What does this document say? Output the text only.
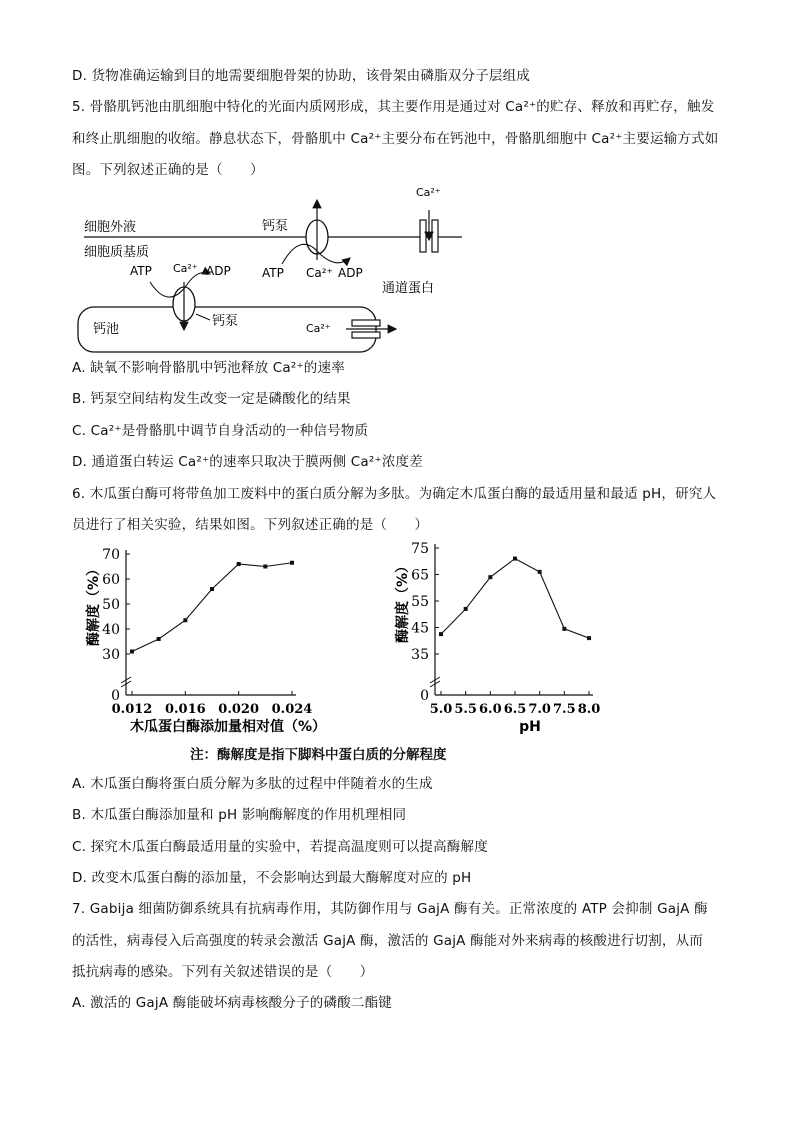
D. 货物准确运输到目的地需要细胞骨架的协助，该骨架由磷脂双分子层组成
5. 骨骼肌钙池由肌细胞中特化的光面内质网形成，其主要作用是通过对 Ca²⁺的贮存、释放和再贮存，触发
和终止肌细胞的收缩。静息状态下，骨骼肌中 Ca²⁺主要分布在钙池中，骨骼肌细胞中 Ca²⁺主要运输方式如
图。下列叙述正确的是（　　）
细胞外液
细胞质基质
钙泵
ATP Ca²⁺ ADP
Ca²⁺
通道蛋白
钙池
ATP Ca²⁺ ADP
钙泵	Ca²⁺
A. 缺氧不影响骨骼肌中钙池释放 Ca²⁺的速率
B. 钙泵空间结构发生改变一定是磷酸化的结果
C. Ca²⁺是骨骼肌中调节自身活动的一种信号物质
D. 通道蛋白转运 Ca²⁺的速率只取决于膜两侧 Ca²⁺浓度差
6. 木瓜蛋白酶可将带鱼加工废料中的蛋白质分解为多肽。为确定木瓜蛋白酶的最适用量和最适 pH，研究人
员进行了相关实验，结果如图。下列叙述正确的是（　　）
0
30
40
50
60
70
0.012 0.016 0.020 0.024
酶解度（%）
木瓜蛋白酶添加量相对值（%）
0
35
45
55
65
75
5.0 5.5 6.0 6.5 7.0 7.5 8.0
酶解度（%）
pH
注：酶解度是指下脚料中蛋白质的分解程度
A. 木瓜蛋白酶将蛋白质分解为多肽的过程中伴随着水的生成
B. 木瓜蛋白酶添加量和 pH 影响酶解度的作用机理相同
C. 探究木瓜蛋白酶最适用量的实验中，若提高温度则可以提高酶解度
D. 改变木瓜蛋白酶的添加量，不会影响达到最大酶解度对应的 pH
7. Gabija 细菌防御系统具有抗病毒作用，其防御作用与 GajA 酶有关。正常浓度的 ATP 会抑制 GajA 酶
的活性，病毒侵入后高强度的转录会激活 GajA 酶，激活的 GajA 酶能对外来病毒的核酸进行切割，从而
抵抗病毒的感染。下列有关叙述错误的是（　　）
A. 激活的 GajA 酶能破坏病毒核酸分子的磷酸二酯键
